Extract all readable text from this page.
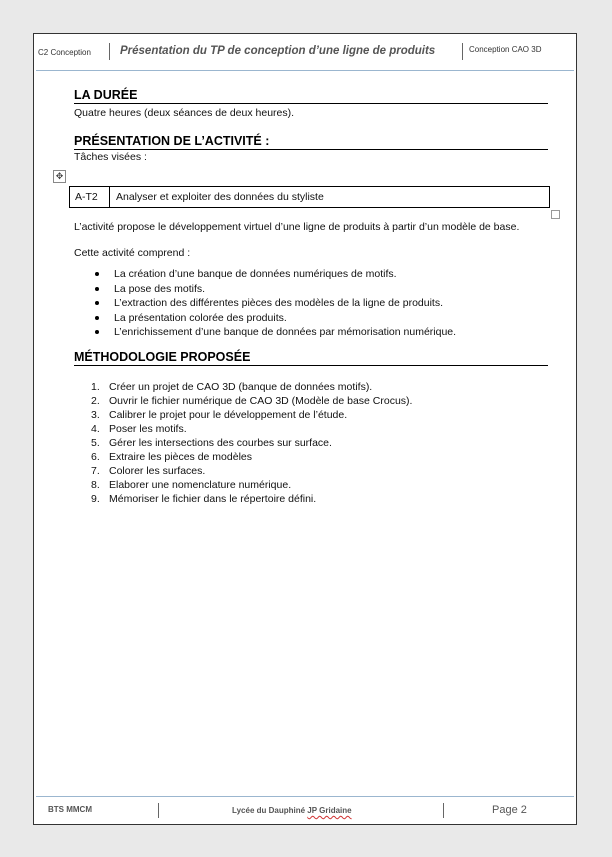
C2 Conception	Présentation du TP de conception d’une ligne de produits	Conception CAO 3D
LA DURÉE

Quatre heures (deux séances de deux heures).

PRÉSENTATION DE L’ACTIVITÉ :

Tâches visées :

L’activité propose le développement virtuel d’une ligne de produits à partir d’un modèle de base.

Cette activité comprend :

La création d’une banque de données numériques de motifs.
La pose des motifs.
L’extraction des différentes pièces des modèles de la ligne de produits.
La présentation colorée des produits.
L’enrichissement d’une banque de données par mémorisation numérique.
MÉTHODOLOGIE PROPOSÉE
1. Créer un projet de CAO 3D (banque de données motifs).
2. Ouvrir le fichier numérique de CAO 3D (Modèle de base Crocus).
3. Calibrer le projet pour le développement de l’étude.
4. Poser les motifs.
5. Gérer les intersections des courbes sur surface.
6. Extraire les pièces de modèles
7. Colorer les surfaces.
8. Elaborer une nomenclature numérique.
9. Mémoriser le fichier dans le répertoire défini.
✥
A-T2	Analyser et exploiter des données du styliste
BTS MMCM	Lycée du Dauphiné JP Gridaine	Page 2
